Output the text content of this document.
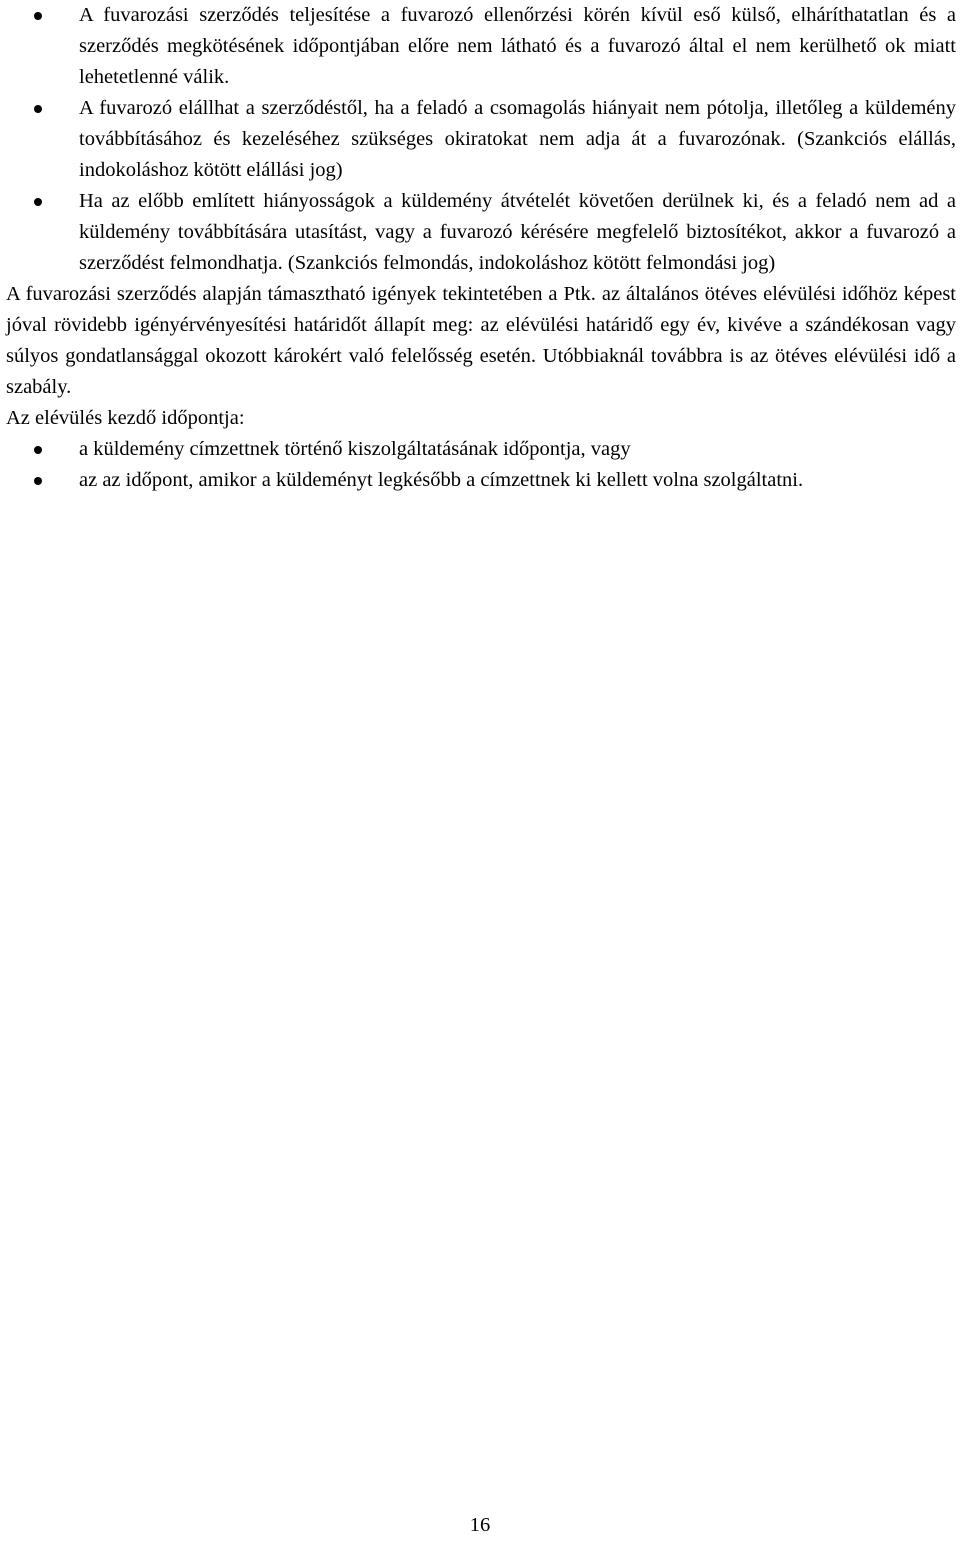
A fuvarozási szerződés teljesítése a fuvarozó ellenőrzési körén kívül eső külső, elháríthatatlan és a szerződés megkötésének időpontjában előre nem látható és a fuvarozó által el nem kerülhető ok miatt lehetetlenné válik.
A fuvarozó elállhat a szerződéstől, ha a feladó a csomagolás hiányait nem pótolja, illetőleg a küldemény továbbításához és kezeléséhez szükséges okiratokat nem adja át a fuvarozónak. (Szankciós elállás, indokoláshoz kötött elállási jog)
Ha az előbb említett hiányosságok a küldemény átvételét követően derülnek ki, és a feladó nem ad a küldemény továbbítására utasítást, vagy a fuvarozó kérésére megfelelő biztosítékot, akkor a fuvarozó a szerződést felmondhatja. (Szankciós felmondás, indokoláshoz kötött felmondási jog)

A fuvarozási szerződés alapján támasztható igények tekintetében a Ptk. az általános ötéves elévülési időhöz képest jóval rövidebb igényérvényesítési határidőt állapít meg: az elévülési határidő egy év, kivéve a szándékosan vagy súlyos gondatlansággal okozott károkért való felelősség esetén. Utóbbiaknál továbbra is az ötéves elévülési idő a szabály.

Az elévülés kezdő időpontja:

a küldemény címzettnek történő kiszolgáltatásának időpontja, vagy
az az időpont, amikor a küldeményt legkésőbb a címzettnek ki kellett volna szolgáltatni.
16
